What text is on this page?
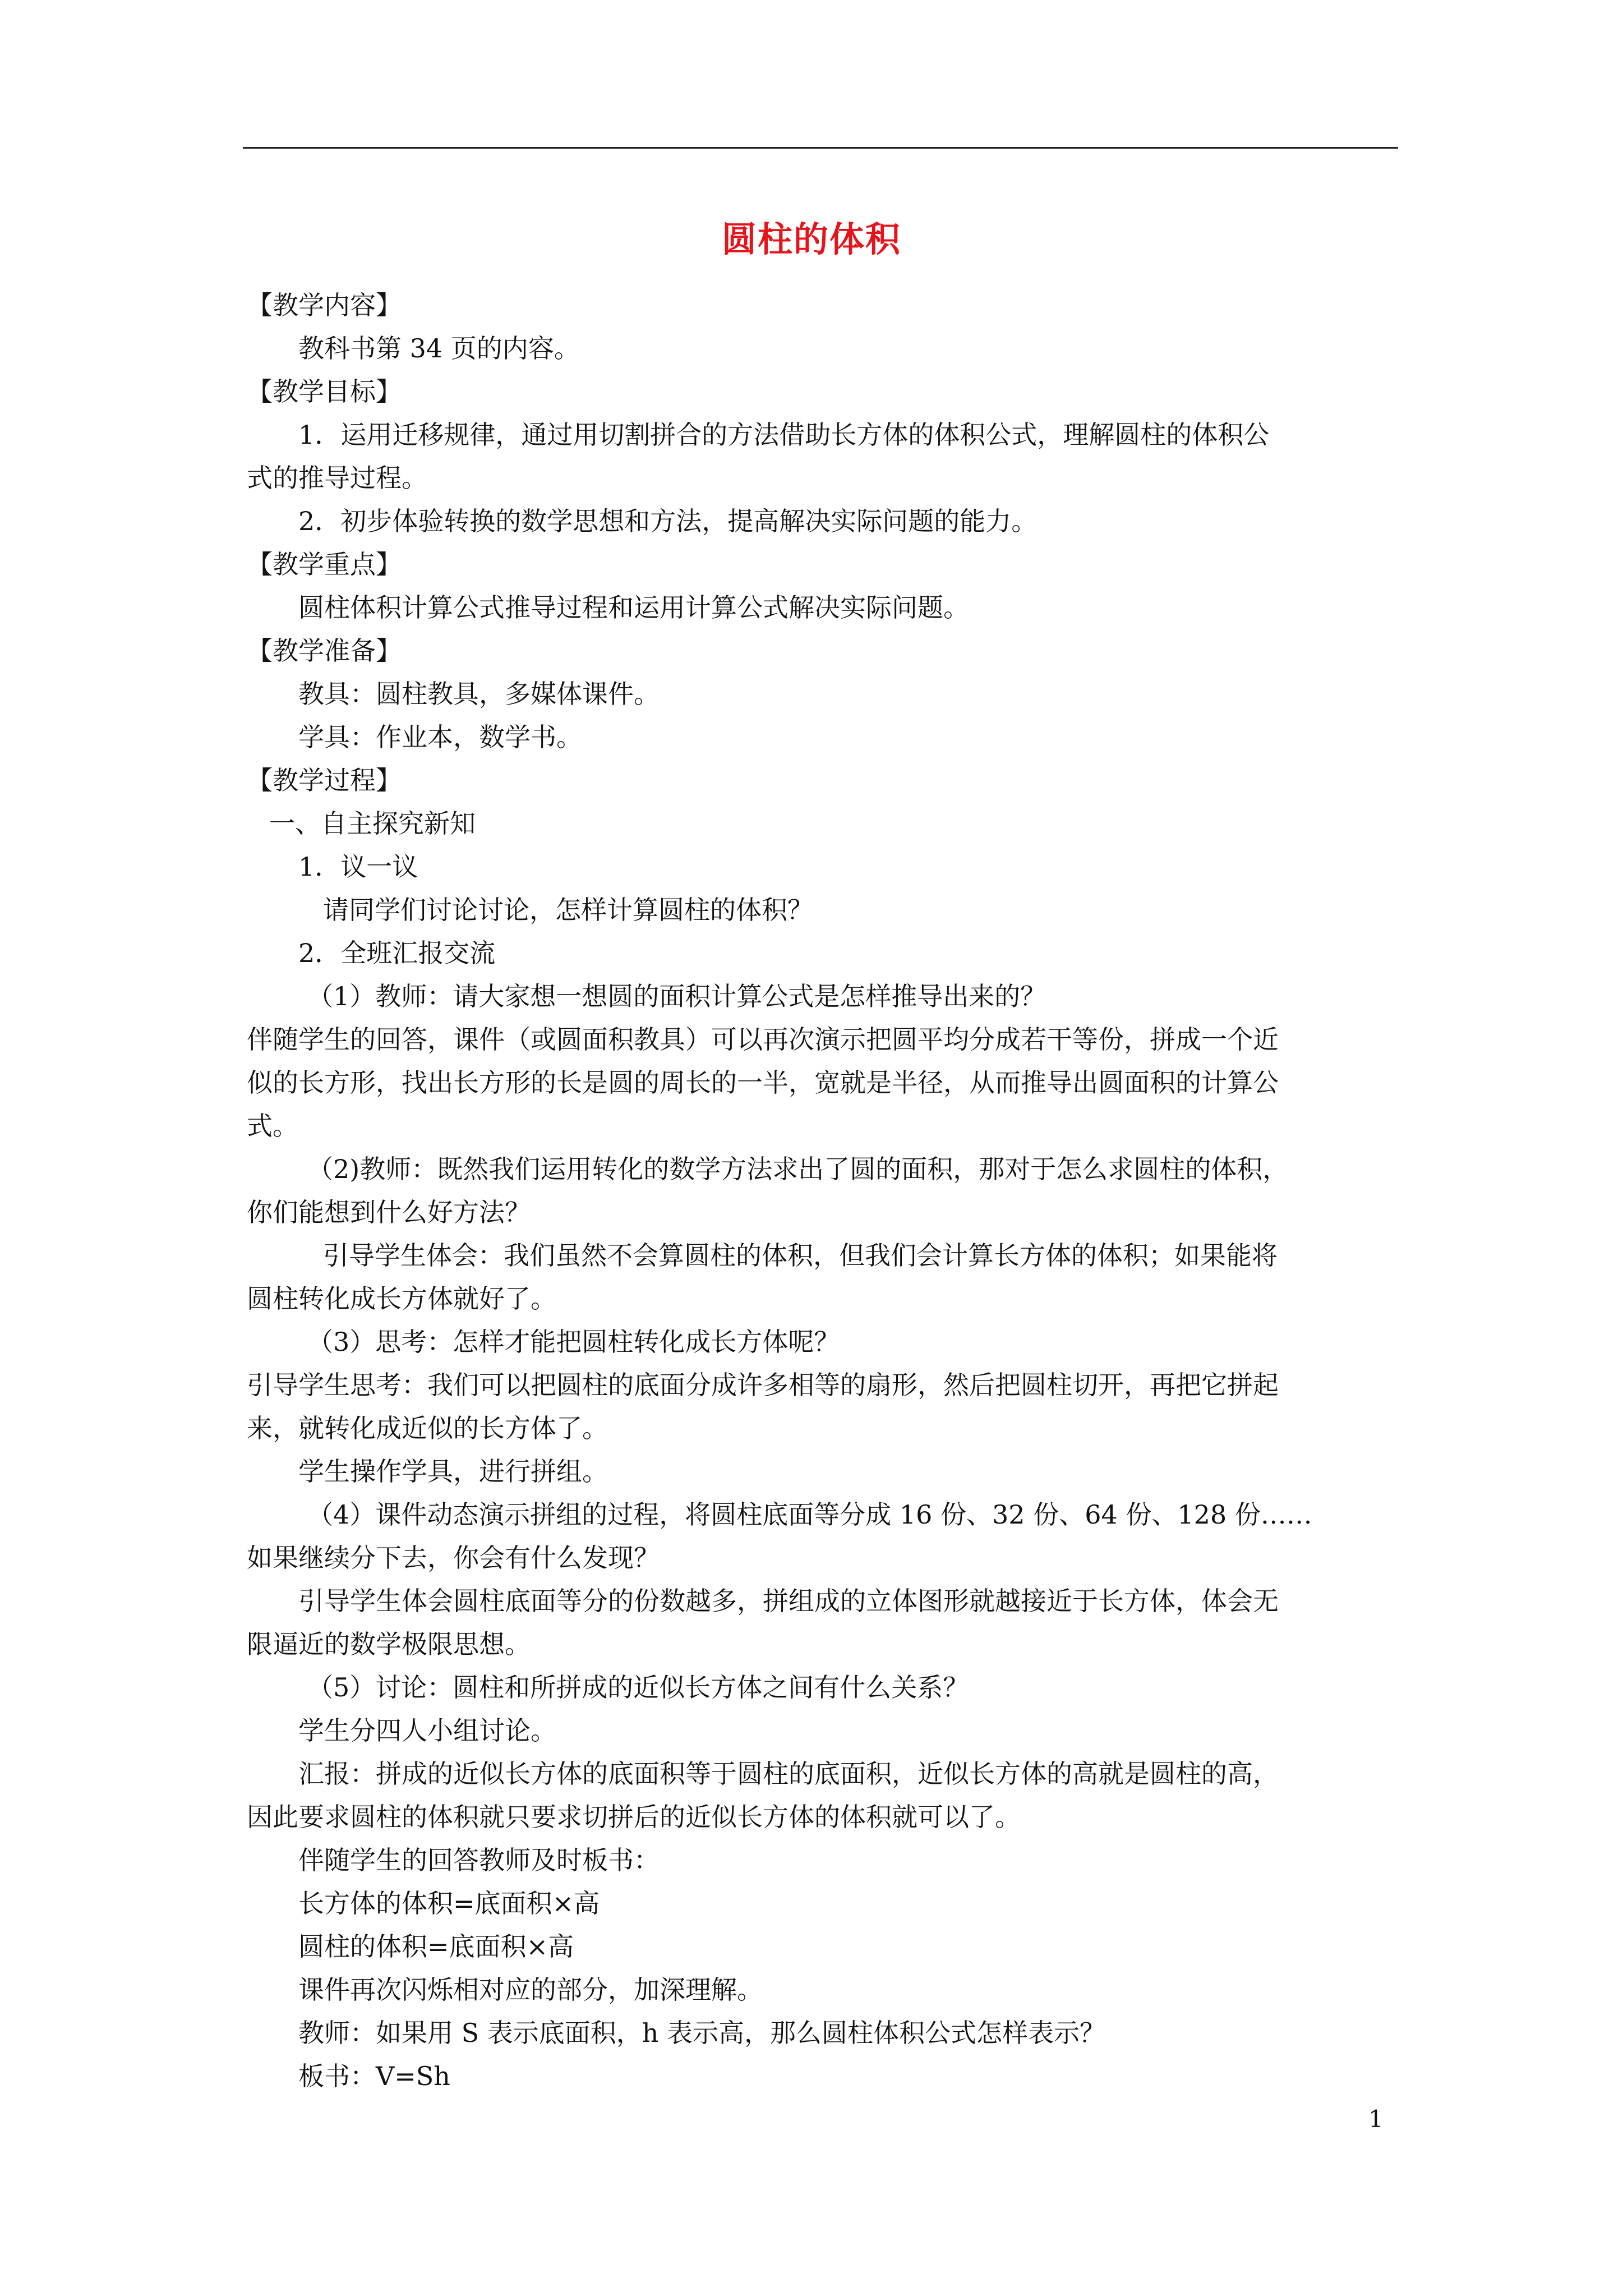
圆柱的体积

【教学内容】

教科书第 34 页的内容。

【教学目标】

1．运用迁移规律，通过用切割拼合的方法借助长方体的体积公式，理解圆柱的体积公

式的推导过程。

2．初步体验转换的数学思想和方法，提高解决实际问题的能力。

【教学重点】

圆柱体积计算公式推导过程和运用计算公式解决实际问题。

【教学准备】

教具：圆柱教具，多媒体课件。

学具：作业本，数学书。

【教学过程】

一、自主探究新知

1．议一议

请同学们讨论讨论，怎样计算圆柱的体积？

2．全班汇报交流

（1）教师：请大家想一想圆的面积计算公式是怎样推导出来的？

伴随学生的回答，课件（或圆面积教具）可以再次演示把圆平均分成若干等份，拼成一个近

似的长方形，找出长方形的长是圆的周长的一半，宽就是半径，从而推导出圆面积的计算公

式。

（2)教师：既然我们运用转化的数学方法求出了圆的面积，那对于怎么求圆柱的体积，

你们能想到什么好方法？

引导学生体会：我们虽然不会算圆柱的体积，但我们会计算长方体的体积；如果能将

圆柱转化成长方体就好了。

（3）思考：怎样才能把圆柱转化成长方体呢？

引导学生思考：我们可以把圆柱的底面分成许多相等的扇形，然后把圆柱切开，再把它拼起

来，就转化成近似的长方体了。

学生操作学具，进行拼组。

（4）课件动态演示拼组的过程，将圆柱底面等分成 16 份、32 份、64 份、128 份……

如果继续分下去，你会有什么发现？

引导学生体会圆柱底面等分的份数越多，拼组成的立体图形就越接近于长方体，体会无

限逼近的数学极限思想。

（5）讨论：圆柱和所拼成的近似长方体之间有什么关系？

学生分四人小组讨论。

汇报：拼成的近似长方体的底面积等于圆柱的底面积，近似长方体的高就是圆柱的高，

因此要求圆柱的体积就只要求切拼后的近似长方体的体积就可以了。

伴随学生的回答教师及时板书：

长方体的体积=底面积×高

圆柱的体积=底面积×高

课件再次闪烁相对应的部分，加深理解。

教师：如果用 S 表示底面积，h 表示高，那么圆柱体积公式怎样表示？

板书：V=Sh

1
